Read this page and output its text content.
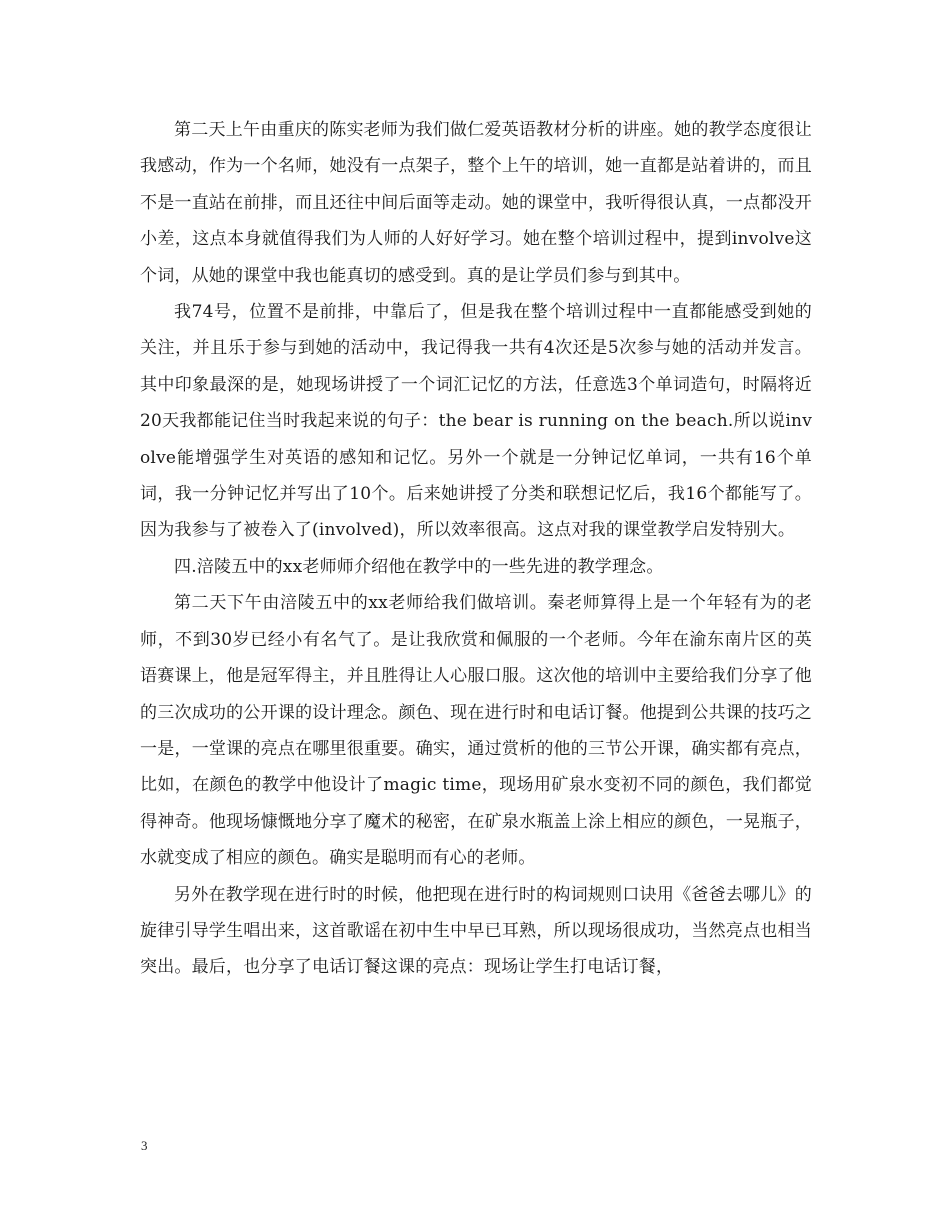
第二天上午由重庆的陈实老师为我们做仁爱英语教材分析的讲座。她的教学态度很让我感动，作为一个名师，她没有一点架子，整个上午的培训，她一直都是站着讲的，而且不是一直站在前排，而且还往中间后面等走动。她的课堂中，我听得很认真，一点都没开小差，这点本身就值得我们为人师的人好好学习。她在整个培训过程中，提到involve这个词，从她的课堂中我也能真切的感受到。真的是让学员们参与到其中。

我74号，位置不是前排，中靠后了，但是我在整个培训过程中一直都能感受到她的关注，并且乐于参与到她的活动中，我记得我一共有4次还是5次参与她的活动并发言。其中印象最深的是，她现场讲授了一个词汇记忆的方法，任意选3个单词造句，时隔将近20天我都能记住当时我起来说的句子：the bear is running on the beach.所以说involve能增强学生对英语的感知和记忆。另外一个就是一分钟记忆单词，一共有16个单词，我一分钟记忆并写出了10个。后来她讲授了分类和联想记忆后，我16个都能写了。因为我参与了被卷入了(involved)，所以效率很高。这点对我的课堂教学启发特别大。

四.涪陵五中的xx老师师介绍他在教学中的一些先进的教学理念。

第二天下午由涪陵五中的xx老师给我们做培训。秦老师算得上是一个年轻有为的老师，不到30岁已经小有名气了。是让我欣赏和佩服的一个老师。今年在渝东南片区的英语赛课上，他是冠军得主，并且胜得让人心服口服。这次他的培训中主要给我们分享了他的三次成功的公开课的设计理念。颜色、现在进行时和电话订餐。他提到公共课的技巧之一是，一堂课的亮点在哪里很重要。确实，通过赏析的他的三节公开课，确实都有亮点，比如，在颜色的教学中他设计了magic time，现场用矿泉水变初不同的颜色，我们都觉得神奇。他现场慷慨地分享了魔术的秘密，在矿泉水瓶盖上涂上相应的颜色，一晃瓶子，水就变成了相应的颜色。确实是聪明而有心的老师。

另外在教学现在进行时的时候，他把现在进行时的构词规则口诀用《爸爸去哪儿》的旋律引导学生唱出来，这首歌谣在初中生中早已耳熟，所以现场很成功，当然亮点也相当突出。最后，也分享了电话订餐这课的亮点：现场让学生打电话订餐，

3
